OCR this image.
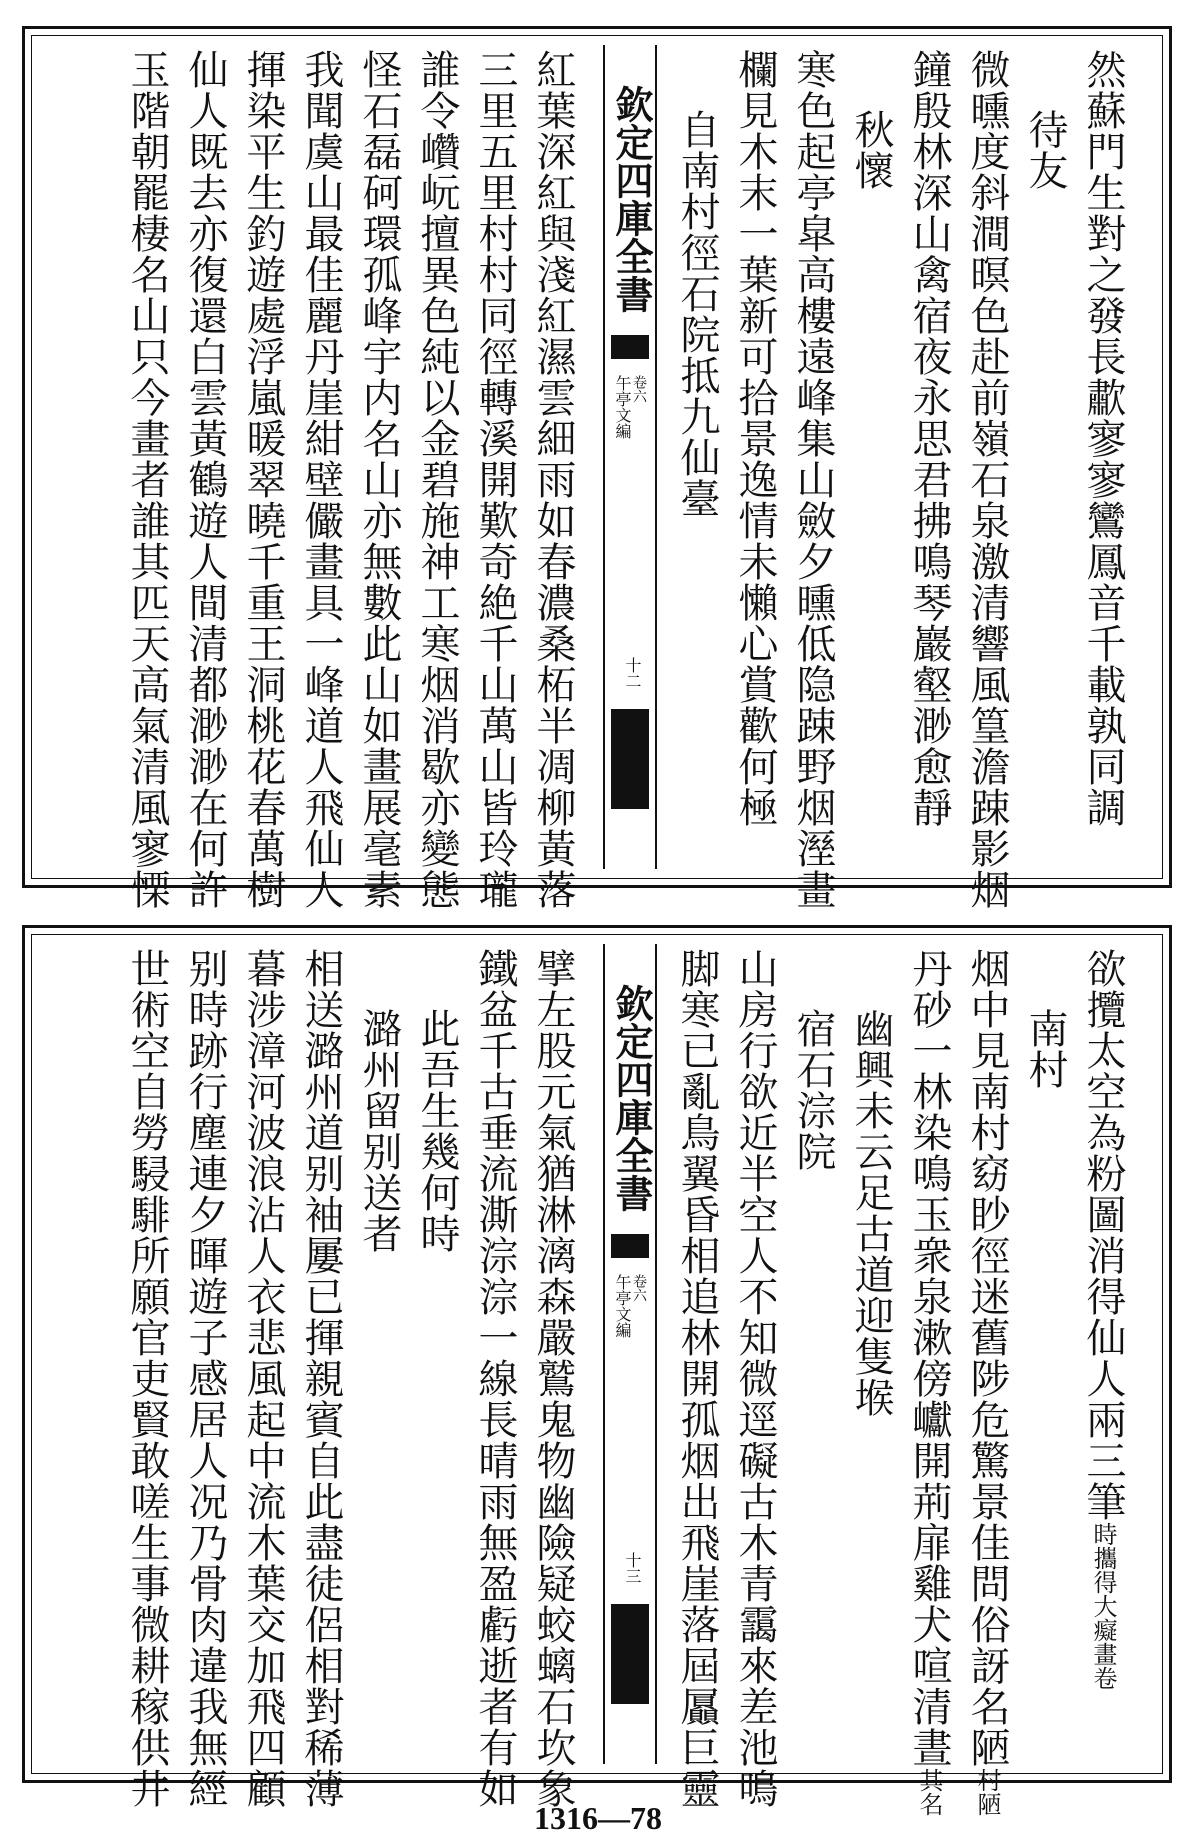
欽定四庫全書
午亭文編 卷六
十二	然蘇門生對之發長歗寥寥鸞鳳音千載孰同調
待友
微曛度斜澗暝色赴前嶺石泉激清響風篁澹踈影烟
鐘殷林深山禽宿夜永思君拂鳴琴巖壑渺愈靜
秋懷
寒色起亭皐高樓遠峰集山斂夕曛低隐踈野烟溼畫
欄見木末一葉新可拾景逸情未懶心賞歡何極
自南村徑石院抵九仙臺
紅葉深紅與淺紅濕雲細雨如春濃桑柘半凋柳黃落
三里五里村村同徑轉溪開歎奇絶千山萬山皆玲瓏
誰令巑岏擅異色純以金碧施神工寒烟消歇亦變態
怪石磊砢環孤峰宇内名山亦無數此山如畫展毫素
我聞虞山最佳麗丹崖紺壁儼畫具一峰道人飛仙人
揮染平生釣遊處浮嵐暖翠曉千重王洞桃花春萬樹
仙人既去亦復還白雲黃鶴遊人間清都渺渺在何許
玉階朝罷棲名山只今畫者誰其匹天高氣清風寥慄
欽定四庫全書
午亭文編 卷六
十三
欲攬太空為粉圖消得仙人兩三筆時攜得大癡畫卷
南村
烟中見南村窈眇徑迷舊陟危驚景佳問俗訝名陋村陋
丹砂一林染鳴玉衆泉漱傍巘開荊扉雞犬喧清晝其名
幽興未云足古道迎隻堠
宿石淙院
山房行欲近半空人不知微逕礙古木青靄來差池鳴
脚寒已亂鳥翼昏相追林開孤烟出飛崖落屆屭巨靈
擘左股元氣猶淋漓森嚴鷲鬼物幽險疑蛟螭石坎象
鐵盆千古垂流澌淙淙一線長晴雨無盈虧逝者有如
此吾生幾何時
潞州留别送者
相送潞州道别袖屢已揮親賓自此盡徒侶相對稀薄
暮涉漳河波浪沾人衣悲風起中流木葉交加飛四顧
别時跡行塵連夕暉遊子感居人况乃骨肉違我無經
世術空自勞駸騑所願官吏賢敢嗟生事微耕稼供井
1316—78
